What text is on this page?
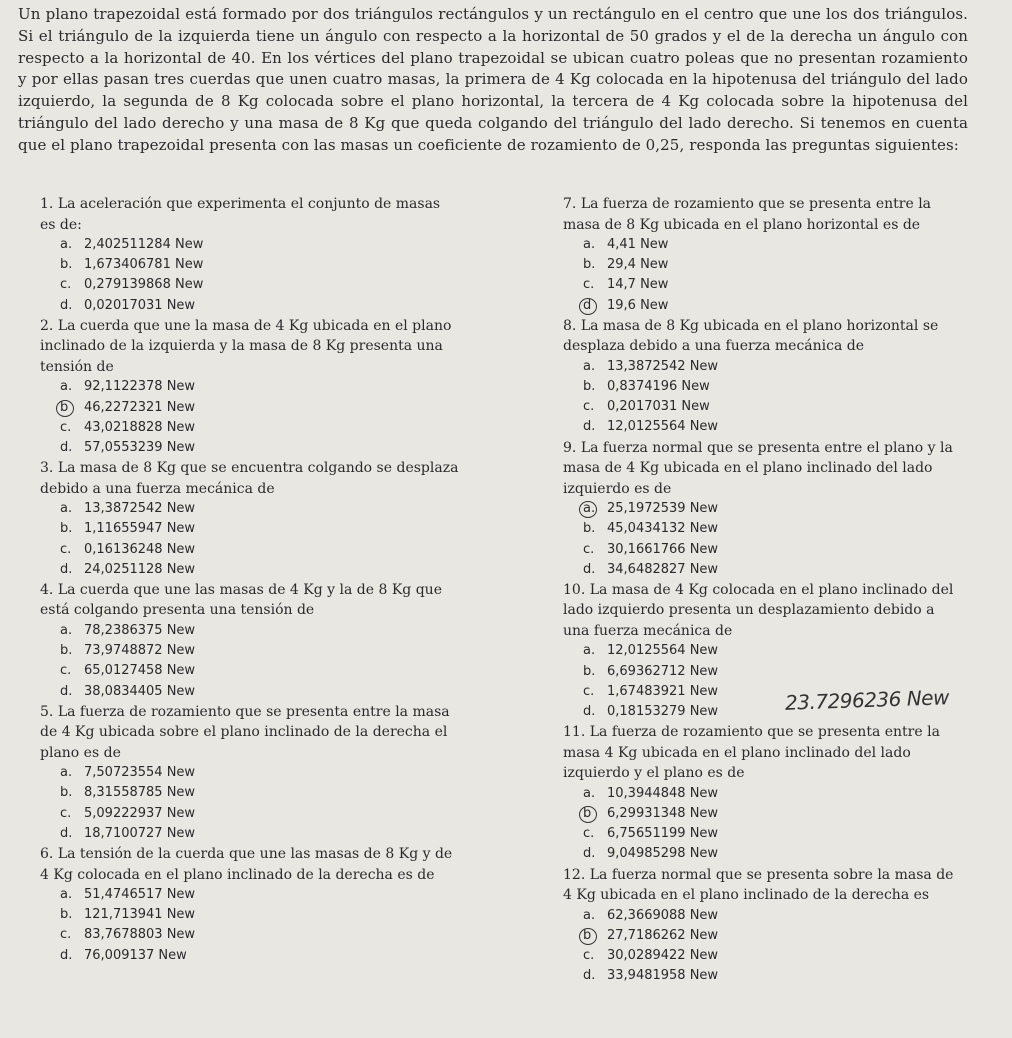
Un plano trapezoidal está formado por dos triángulos rectángulos y un rectángulo en el centro que une los dos triángulos. Si el triángulo de la izquierda tiene un ángulo con respecto a la horizontal de 50 grados y el de la derecha un ángulo con respecto a la horizontal de 40. En los vértices del plano trapezoidal se ubican cuatro poleas que no presentan rozamiento y por ellas pasan tres cuerdas que unen cuatro masas, la primera de 4 Kg colocada en la hipotenusa del triángulo del lado izquierdo, la segunda de 8 Kg colocada sobre el plano horizontal, la tercera de 4 Kg colocada sobre la hipotenusa del triángulo del lado derecho y una masa de 8 Kg que queda colgando del triángulo del lado derecho. Si tenemos en cuenta que el plano trapezoidal presenta con las masas un coeficiente de rozamiento de 0,25, responda las preguntas siguientes:
1. La aceleración que experimenta el conjunto de masas es de:
a. 2,402511284 New
b. 1,673406781 New
c. 0,279139868 New
d. 0,02017031 New
2. La cuerda que une la masa de 4 Kg ubicada en el plano inclinado de la izquierda y la masa de 8 Kg presenta una tensión de
a. 92,1122378 New
b 46,2272321 New
c. 43,0218828 New
d. 57,0553239 New
3. La masa de 8 Kg que se encuentra colgando se desplaza debido a una fuerza mecánica de
a. 13,3872542 New
b. 1,11655947 New
c. 0,16136248 New
d. 24,0251128 New
4. La cuerda que une las masas de 4 Kg y la de 8 Kg que está colgando presenta una tensión de
a. 78,2386375 New
b. 73,9748872 New
c. 65,0127458 New
d. 38,0834405 New
5. La fuerza de rozamiento que se presenta entre la masa de 4 Kg ubicada sobre el plano inclinado de la derecha el plano es de
a. 7,50723554 New
b. 8,31558785 New
c. 5,09222937 New
d. 18,7100727 New
6. La tensión de la cuerda que une las masas de 8 Kg y de 4 Kg colocada en el plano inclinado de la derecha es de
a. 51,4746517 New
b. 121,713941 New
c. 83,7678803 New
d. 76,009137 New
7. La fuerza de rozamiento que se presenta entre la masa de 8 Kg ubicada en el plano horizontal es de
a. 4,41 New
b. 29,4 New
c. 14,7 New
d 19,6 New
8. La masa de 8 Kg ubicada en el plano horizontal se desplaza debido a una fuerza mecánica de
a. 13,3872542 New
b. 0,8374196 New
c. 0,2017031 New
d. 12,0125564 New
9. La fuerza normal que se presenta entre el plano y la masa de 4 Kg ubicada en el plano inclinado del lado izquierdo es de
a. 25,1972539 New
b. 45,0434132 New
c. 30,1661766 New
d. 34,6482827 New
10. La masa de 4 Kg colocada en el plano inclinado del lado izquierdo presenta un desplazamiento debido a una fuerza mecánica de
a. 12,0125564 New
b. 6,69362712 New
c. 1,67483921 New
d. 0,18153279 New
11. La fuerza de rozamiento que se presenta entre la masa 4 Kg ubicada en el plano inclinado del lado izquierdo y el plano es de
a. 10,3944848 New
b 6,29931348 New
c. 6,75651199 New
d. 9,04985298 New
12. La fuerza normal que se presenta sobre la masa de 4 Kg ubicada en el plano inclinado de la derecha es
a. 62,3669088 New
b 27,7186262 New
c. 30,0289422 New
d. 33,9481958 New
23.7296236 New
